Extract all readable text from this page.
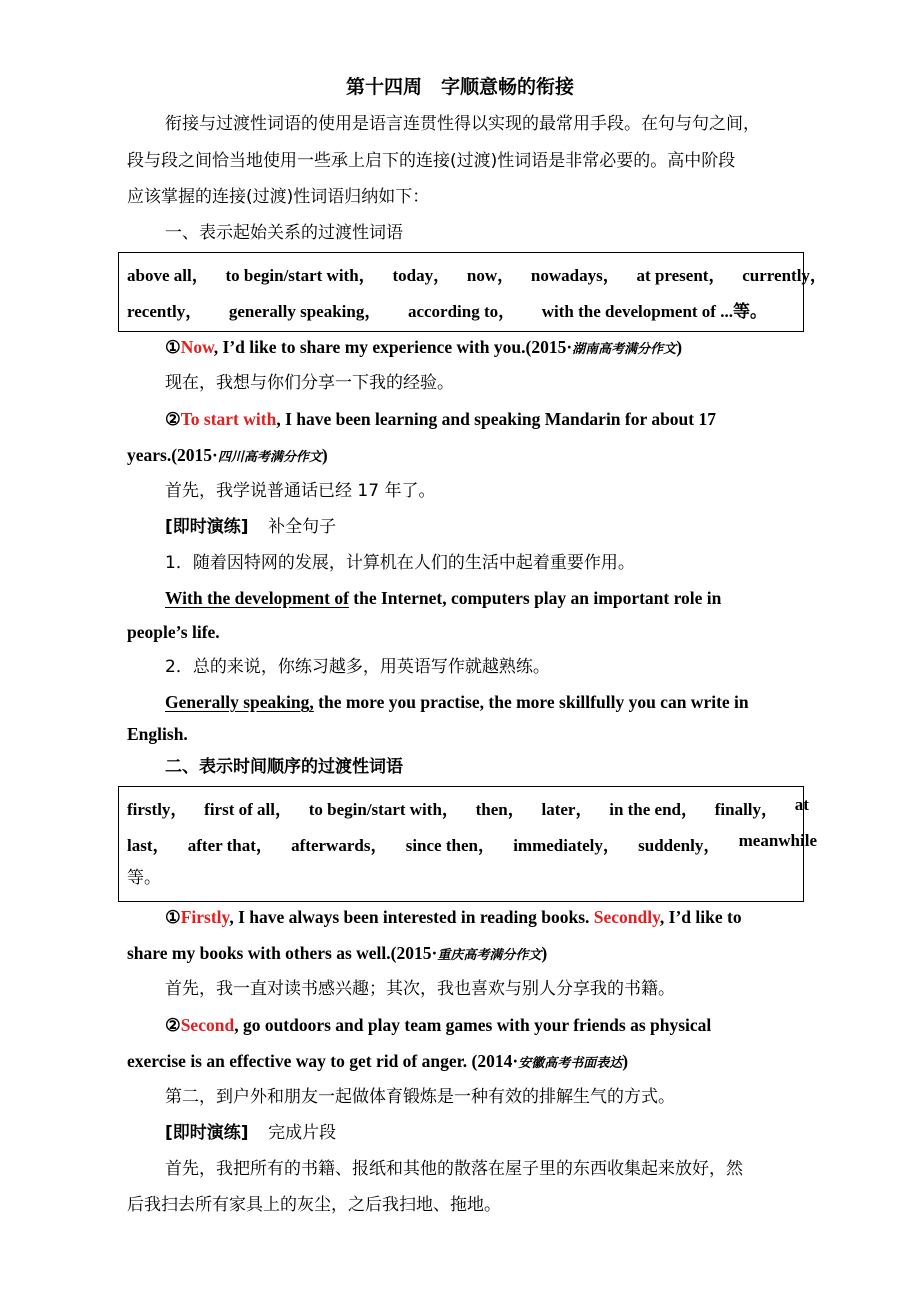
第十四周　字顺意畅的衔接
衔接与过渡性词语的使用是语言连贯性得以实现的最常用手段。在句与句之间，
段与段之间恰当地使用一些承上启下的连接(过渡)性词语是非常必要的。高中阶段
应该掌握的连接(过渡)性词语归纳如下：
一、表示起始关系的过渡性词语
above all， to begin/start with， today， now， nowadays， at present， currently，
recently， generally speaking， according to， with the development of ...等。
①Now, I’d like to share my experience with you.(2015·湖南高考满分作文)
现在，我想与你们分享一下我的经验。
②To start with, I have been learning and speaking Mandarin for about 17
years.(2015·四川高考满分作文)
首先，我学说普通话已经 17 年了。
[即时演练] 补全句子
1．随着因特网的发展，计算机在人们的生活中起着重要作用。
With the development of the Internet, computers play an important role in
people’s life.
2．总的来说，你练习越多，用英语写作就越熟练。
Generally speaking, the more you practise, the more skillfully you can write in
English.
二、表示时间顺序的过渡性词语
firstly， first of all， to begin/start with， then， later， in the end， finally， at
last， after that， afterwards， since then， immediately， suddenly， meanwhile
等。
①Firstly, I have always been interested in reading books. Secondly, I’d like to
share my books with others as well.(2015·重庆高考满分作文)
首先，我一直对读书感兴趣；其次，我也喜欢与别人分享我的书籍。
②Second, go outdoors and play team games with your friends as physical
exercise is an effective way to get rid of anger. (2014·安徽高考书面表达)
第二，到户外和朋友一起做体育锻炼是一种有效的排解生气的方式。
[即时演练] 完成片段
首先，我把所有的书籍、报纸和其他的散落在屋子里的东西收集起来放好，然
后我扫去所有家具上的灰尘，之后我扫地、拖地。
